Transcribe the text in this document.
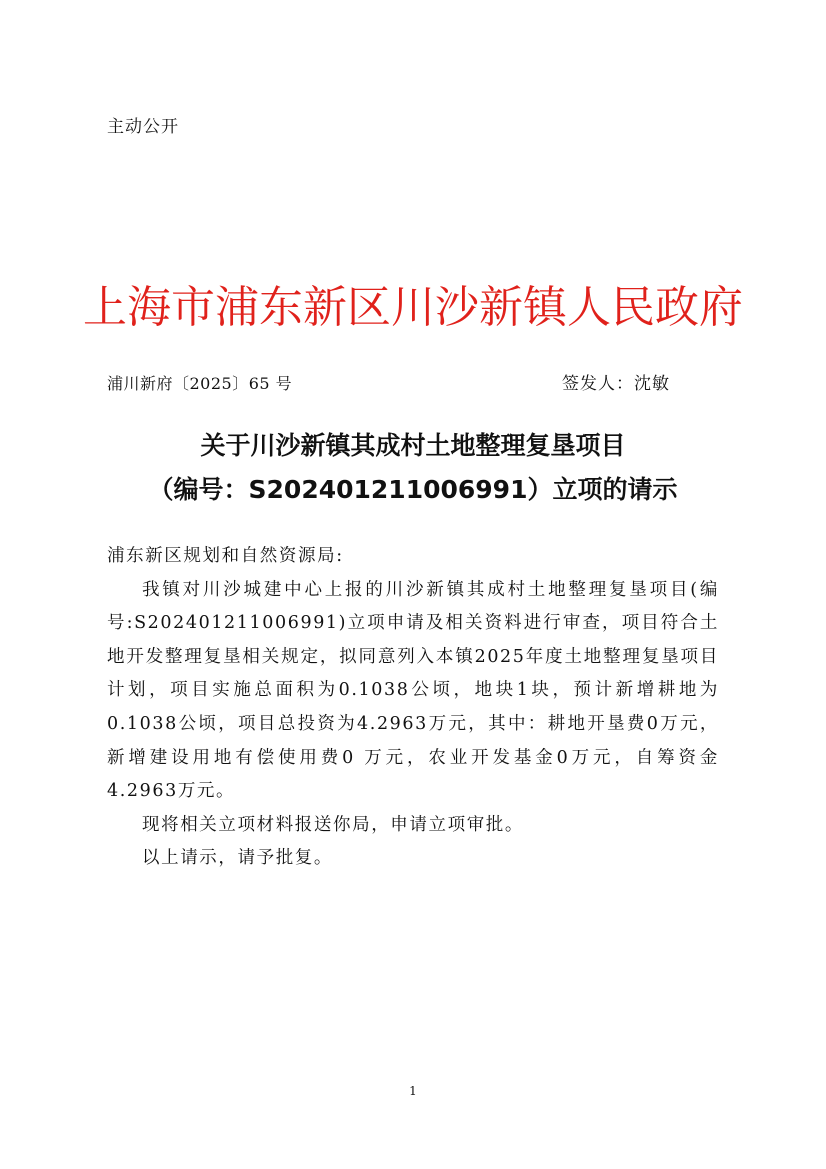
主动公开
上海市浦东新区川沙新镇人民政府
浦川新府〔2025〕65 号	签发人：沈敏
关于川沙新镇其成村土地整理复垦项目
（编号：S202401211006991）立项的请示

浦东新区规划和自然资源局:

我镇对川沙城建中心上报的川沙新镇其成村土地整理复垦项目(编号:S202401211006991)立项申请及相关资料进行审查，项目符合土地开发整理复垦相关规定，拟同意列入本镇2025年度土地整理复垦项目计划，项目实施总面积为0.1038公顷，地块1块，预计新增耕地为0.1038公顷，项目总投资为4.2963万元，其中：耕地开垦费0万元，新增建设用地有偿使用费0 万元，农业开发基金0万元，自筹资金4.2963万元。

现将相关立项材料报送你局，申请立项审批。

以上请示，请予批复。

1
